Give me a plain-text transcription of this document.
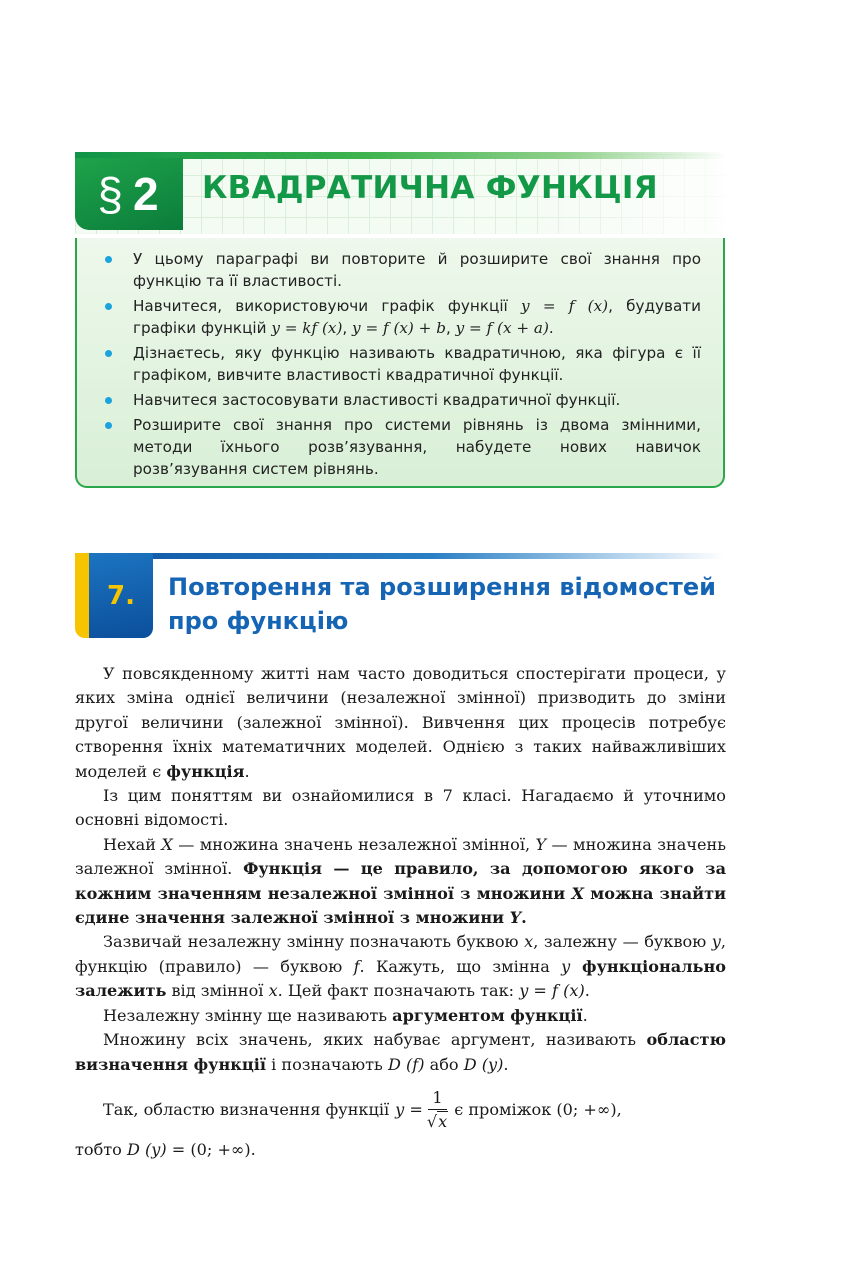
§ 2 КВАДРАТИЧНА ФУНКЦІЯ
У цьому параграфі ви повторите й розширите свої знання про функцію та її властивості.
Навчитеся, використовуючи графік функції y = f (x), будувати графіки функцій y = kf (x), y = f (x) + b, y = f (x + a).
Дізнаєтесь, яку функцію називають квадратичною, яка фігура є її графіком, вивчите властивості квадратичної функції.
Навчитеся застосовувати властивості квадратичної функції.
Розширите свої знання про системи рівнянь із двома змінними, методи їхнього розв’язування, набудете нових навичок розв’язування систем рівнянь.
7. Повторення та розширення відомостей про функцію

У повсякденному житті нам часто доводиться спостерігати процеси, у яких зміна однієї величини (незалежної змінної) призводить до зміни другої величини (залежної змінної). Вивчення цих процесів потребує створення їхніх математичних моделей. Однією з таких найважливіших моделей є функція.

Із цим поняттям ви ознайомилися в 7 класі. Нагадаємо й уточнимо основні відомості.

Нехай X — множина значень незалежної змінної, Y — множина значень залежної змінної. Функція — це правило, за допомогою якого за кожним значенням незалежної змінної з множини X можна знайти єдине значення залежної змінної з множини Y.

Зазвичай незалежну змінну позначають буквою x, залежну — буквою y, функцію (правило) — буквою f. Кажуть, що змінна y функціонально залежить від змінної x. Цей факт позначають так: y = f (x).

Незалежну змінну ще називають аргументом функції.

Множину всіх значень, яких набуває аргумент, називають областю визначення функції і позначають D (f) або D (y).

Так, областю визначення функції $y = \frac{1}{√x}$ є проміжок (0; +∞),

тобто D (y) = (0; +∞).
